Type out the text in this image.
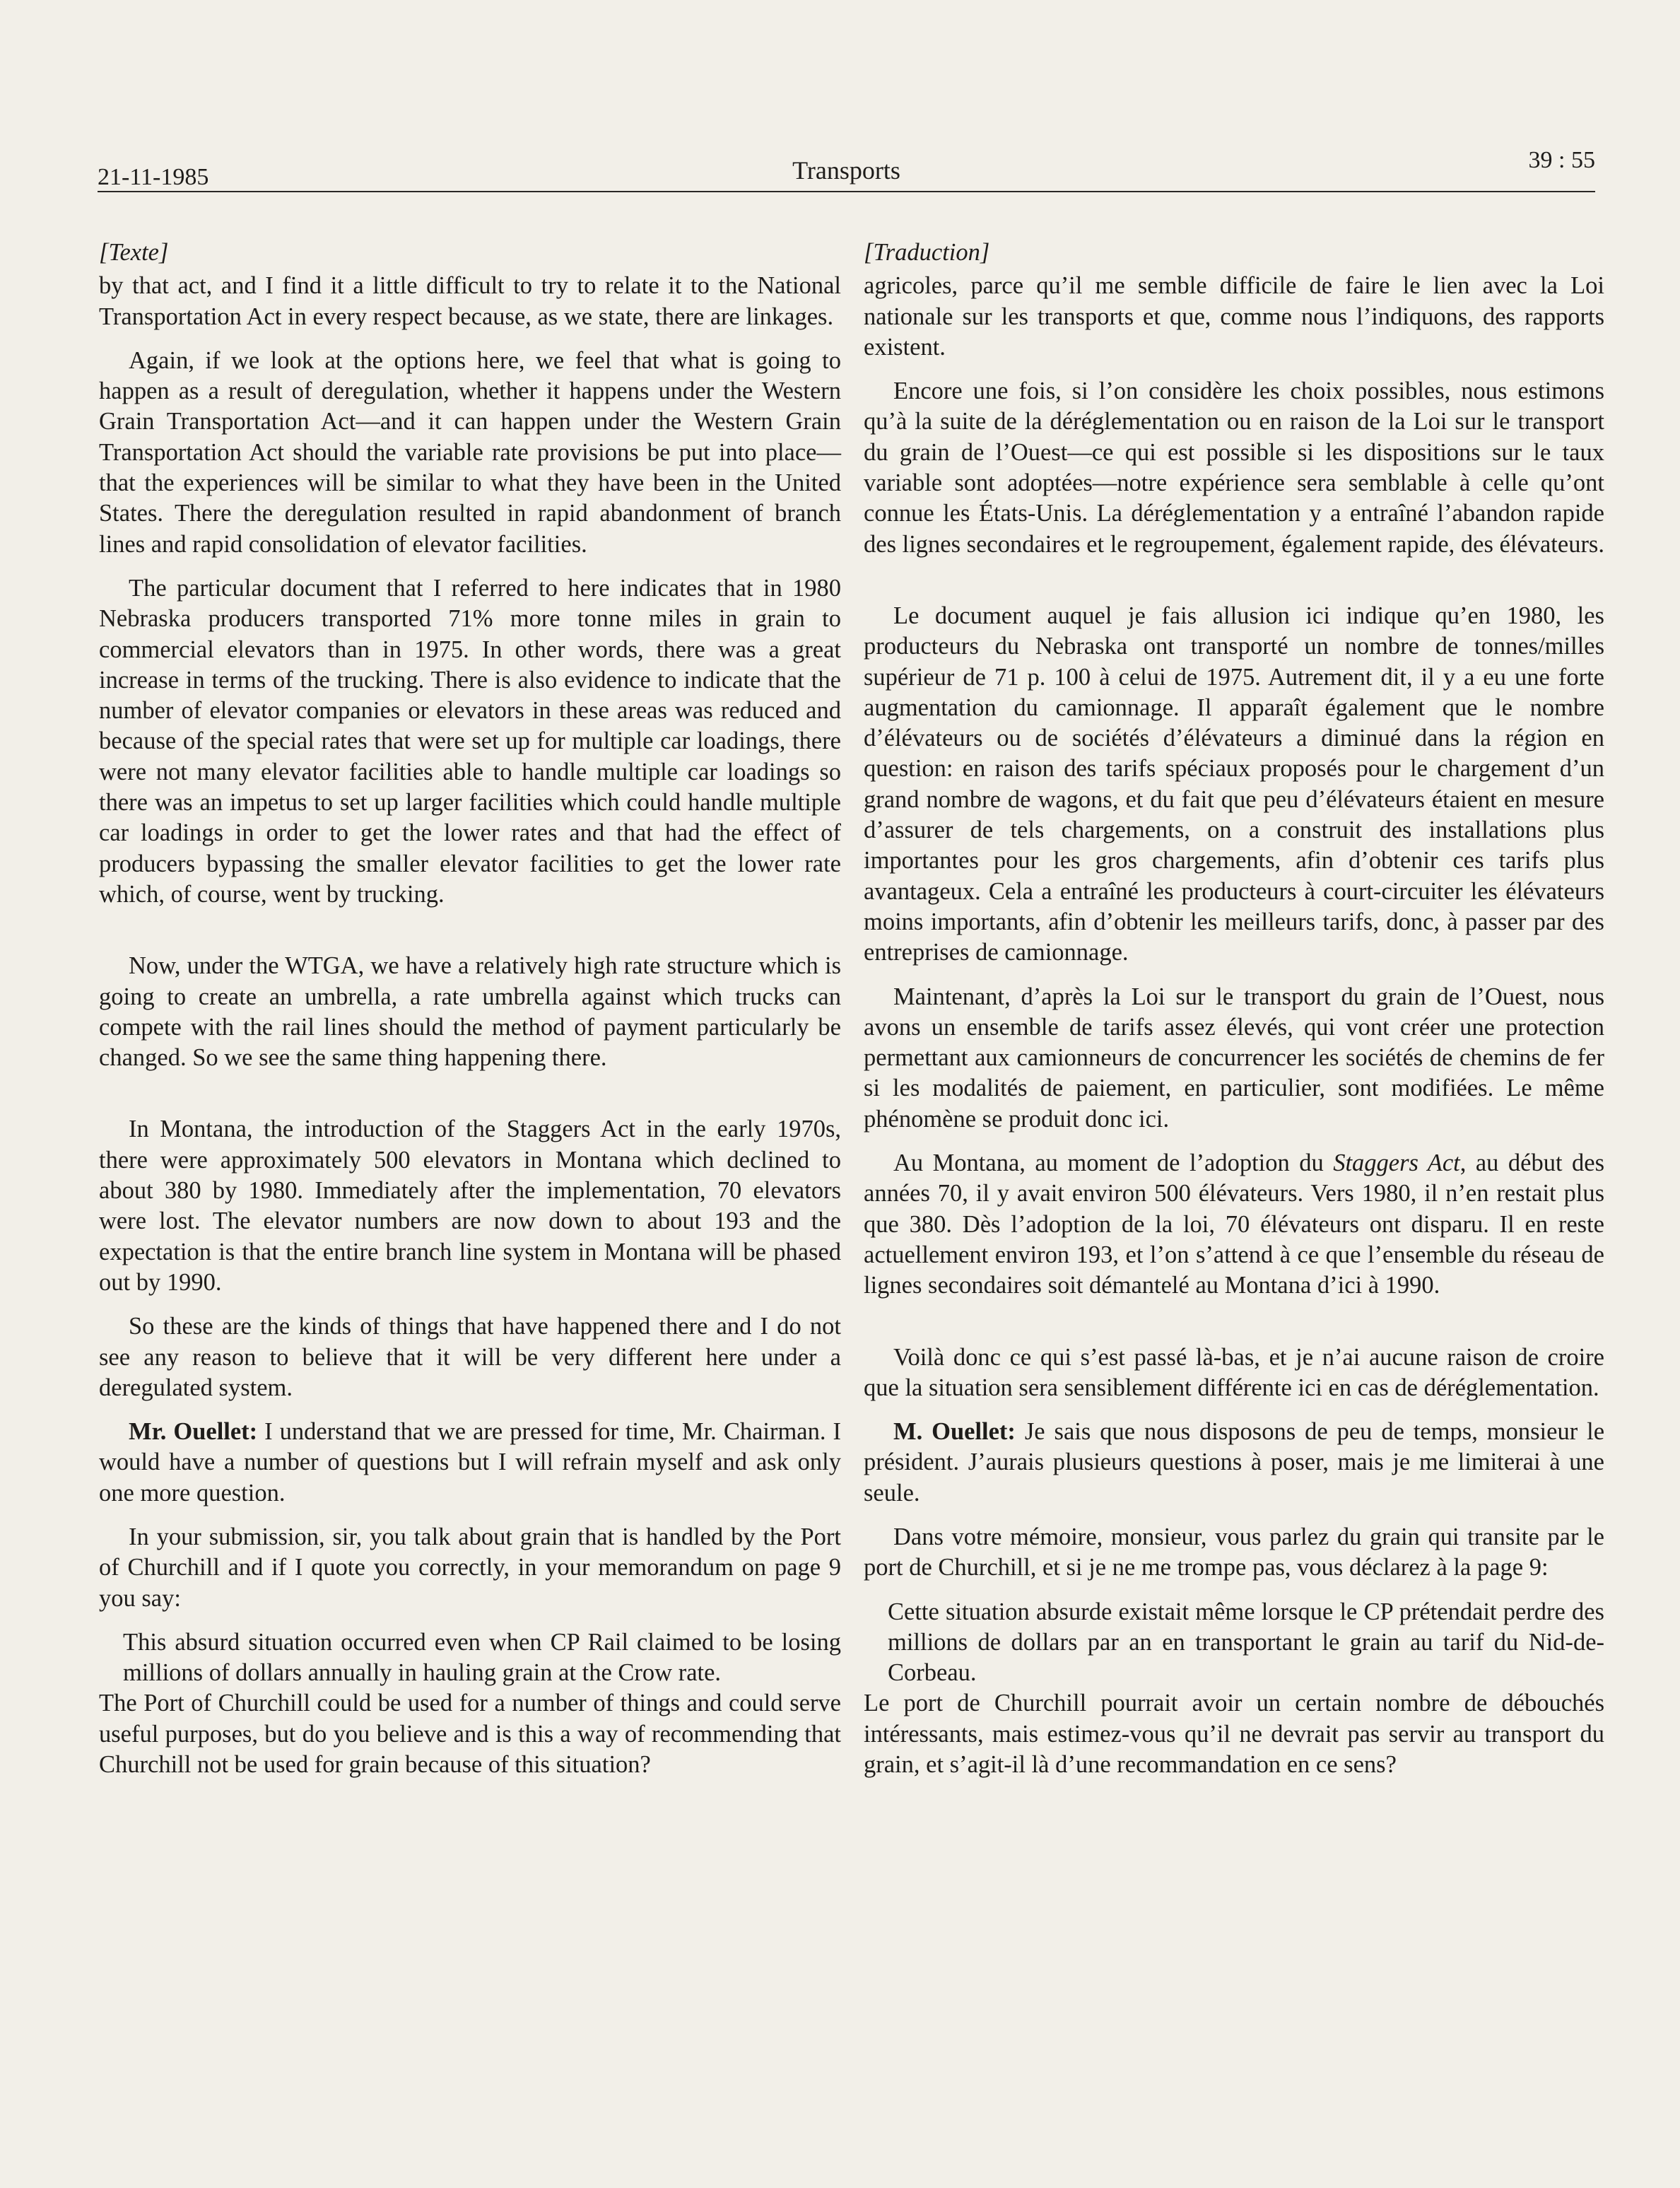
21-11-1985	Transports	39 : 55

[Texte]

by that act, and I find it a little difficult to try to relate it to the National Transportation Act in every respect because, as we state, there are linkages.

Again, if we look at the options here, we feel that what is going to happen as a result of deregulation, whether it happens under the Western Grain Transportation Act—and it can happen under the Western Grain Transportation Act should the variable rate provisions be put into place—that the experiences will be similar to what they have been in the United States. There the deregulation resulted in rapid abandonment of branch lines and rapid consolidation of elevator facilities.

The particular document that I referred to here indicates that in 1980 Nebraska producers transported 71% more tonne miles in grain to commercial elevators than in 1975. In other words, there was a great increase in terms of the trucking. There is also evidence to indicate that the number of elevator companies or elevators in these areas was reduced and because of the special rates that were set up for multiple car loadings, there were not many elevator facilities able to handle multiple car loadings so there was an impetus to set up larger facilities which could handle multiple car loadings in order to get the lower rates and that had the effect of producers bypassing the smaller elevator facilities to get the lower rate which, of course, went by trucking.

Now, under the WTGA, we have a relatively high rate structure which is going to create an umbrella, a rate umbrella against which trucks can compete with the rail lines should the method of payment particularly be changed. So we see the same thing happening there.

In Montana, the introduction of the Staggers Act in the early 1970s, there were approximately 500 elevators in Montana which declined to about 380 by 1980. Immediately after the implementation, 70 elevators were lost. The elevator numbers are now down to about 193 and the expectation is that the entire branch line system in Montana will be phased out by 1990.

So these are the kinds of things that have happened there and I do not see any reason to believe that it will be very different here under a deregulated system.

Mr. Ouellet: I understand that we are pressed for time, Mr. Chairman. I would have a number of questions but I will refrain myself and ask only one more question.

In your submission, sir, you talk about grain that is handled by the Port of Churchill and if I quote you correctly, in your memorandum on page 9 you say:

This absurd situation occurred even when CP Rail claimed to be losing millions of dollars annually in hauling grain at the Crow rate.

The Port of Churchill could be used for a number of things and could serve useful purposes, but do you believe and is this a way of recommending that Churchill not be used for grain because of this situation?

[Traduction]

agricoles, parce qu’il me semble difficile de faire le lien avec la Loi nationale sur les transports et que, comme nous l’indiquons, des rapports existent.

Encore une fois, si l’on considère les choix possibles, nous estimons qu’à la suite de la déréglementation ou en raison de la Loi sur le transport du grain de l’Ouest—ce qui est possible si les dispositions sur le taux variable sont adoptées—notre expérience sera semblable à celle qu’ont connue les États-Unis. La déréglementation y a entraîné l’abandon rapide des lignes secondaires et le regroupement, également rapide, des élévateurs.

Le document auquel je fais allusion ici indique qu’en 1980, les producteurs du Nebraska ont transporté un nombre de tonnes/milles supérieur de 71 p. 100 à celui de 1975. Autrement dit, il y a eu une forte augmentation du camionnage. Il apparaît également que le nombre d’élévateurs ou de sociétés d’élévateurs a diminué dans la région en question: en raison des tarifs spéciaux proposés pour le chargement d’un grand nombre de wagons, et du fait que peu d’élévateurs étaient en mesure d’assurer de tels chargements, on a construit des installations plus importantes pour les gros chargements, afin d’obtenir ces tarifs plus avantageux. Cela a entraîné les producteurs à court-circuiter les élévateurs moins importants, afin d’obtenir les meilleurs tarifs, donc, à passer par des entreprises de camionnage.

Maintenant, d’après la Loi sur le transport du grain de l’Ouest, nous avons un ensemble de tarifs assez élevés, qui vont créer une protection permettant aux camionneurs de concurrencer les sociétés de chemins de fer si les modalités de paiement, en particulier, sont modifiées. Le même phénomène se produit donc ici.

Au Montana, au moment de l’adoption du Staggers Act, au début des années 70, il y avait environ 500 élévateurs. Vers 1980, il n’en restait plus que 380. Dès l’adoption de la loi, 70 élévateurs ont disparu. Il en reste actuellement environ 193, et l’on s’attend à ce que l’ensemble du réseau de lignes secondaires soit démantelé au Montana d’ici à 1990.

Voilà donc ce qui s’est passé là-bas, et je n’ai aucune raison de croire que la situation sera sensiblement différente ici en cas de déréglementation.

M. Ouellet: Je sais que nous disposons de peu de temps, monsieur le président. J’aurais plusieurs questions à poser, mais je me limiterai à une seule.

Dans votre mémoire, monsieur, vous parlez du grain qui transite par le port de Churchill, et si je ne me trompe pas, vous déclarez à la page 9:

Cette situation absurde existait même lorsque le CP prétendait perdre des millions de dollars par an en transportant le grain au tarif du Nid-de-Corbeau.

Le port de Churchill pourrait avoir un certain nombre de débouchés intéressants, mais estimez-vous qu’il ne devrait pas servir au transport du grain, et s’agit-il là d’une recommandation en ce sens?
